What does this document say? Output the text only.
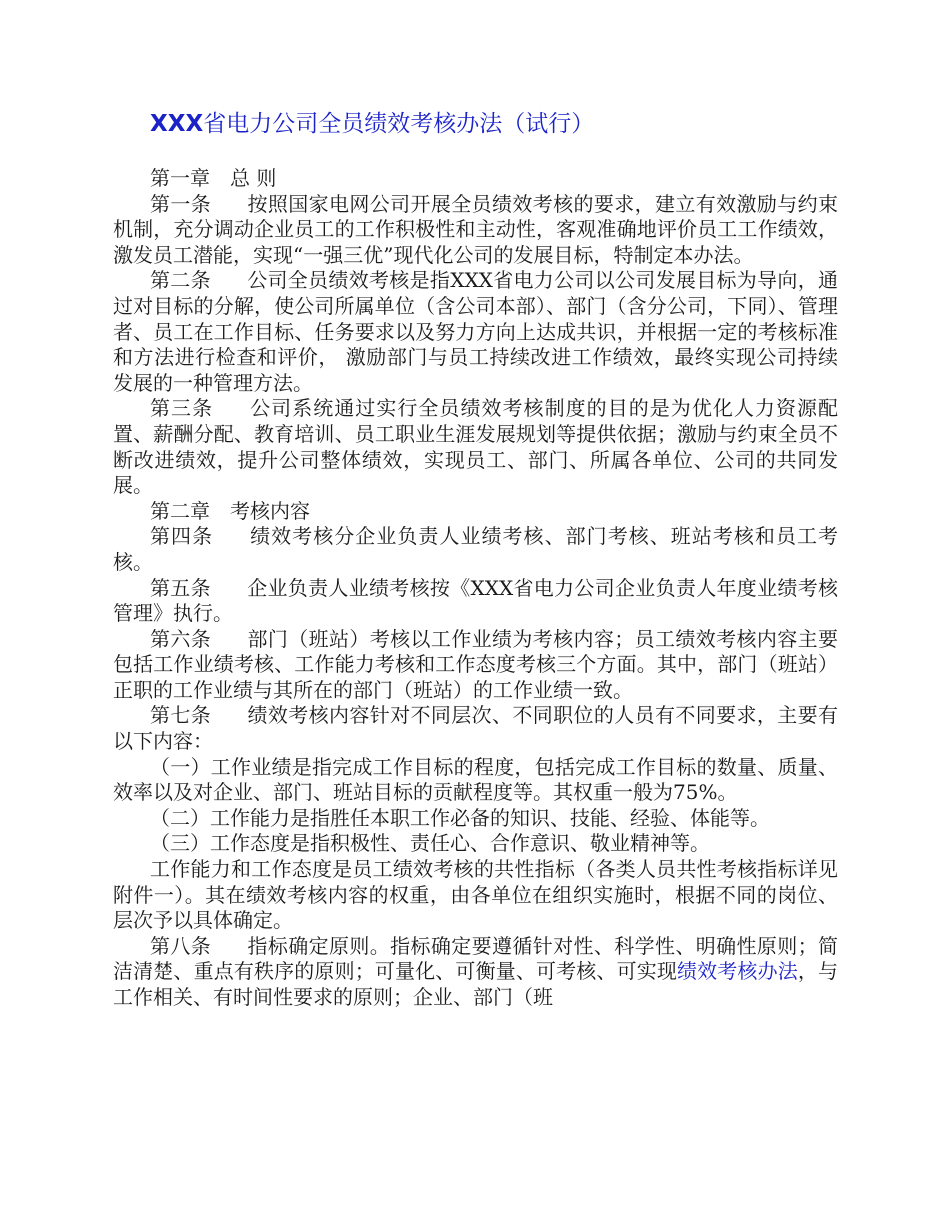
XXX省电力公司全员绩效考核办法（试行）

第一章 总 则

第一条 按照国家电网公司开展全员绩效考核的要求，建立有效激励与约束机制，充分调动企业员工的工作积极性和主动性，客观准确地评价员工工作绩效，激发员工潜能，实现“一强三优”现代化公司的发展目标，特制定本办法。

第二条 公司全员绩效考核是指XXX省电力公司以公司发展目标为导向，通过对目标的分解，使公司所属单位（含公司本部）、部门（含分公司，下同）、管理者、员工在工作目标、任务要求以及努力方向上达成共识，并根据一定的考核标准和方法进行检查和评价， 激励部门与员工持续改进工作绩效，最终实现公司持续发展的一种管理方法。

第三条 公司系统通过实行全员绩效考核制度的目的是为优化人力资源配置、薪酬分配、教育培训、员工职业生涯发展规划等提供依据；激励与约束全员不断改进绩效，提升公司整体绩效，实现员工、部门、所属各单位、公司的共同发展。

第二章 考核内容

第四条 绩效考核分企业负责人业绩考核、部门考核、班站考核和员工考核。

第五条 企业负责人业绩考核按《XXX省电力公司企业负责人年度业绩考核管理》执行。

第六条 部门（班站）考核以工作业绩为考核内容；员工绩效考核内容主要包括工作业绩考核、工作能力考核和工作态度考核三个方面。其中，部门（班站）正职的工作业绩与其所在的部门（班站）的工作业绩一致。

第七条 绩效考核内容针对不同层次、不同职位的人员有不同要求，主要有以下内容：

（一）工作业绩是指完成工作目标的程度，包括完成工作目标的数量、质量、效率以及对企业、部门、班站目标的贡献程度等。其权重一般为75%。

（二）工作能力是指胜任本职工作必备的知识、技能、经验、体能等。

（三）工作态度是指积极性、责任心、合作意识、敬业精神等。

工作能力和工作态度是员工绩效考核的共性指标（各类人员共性考核指标详见附件一）。其在绩效考核内容的权重，由各单位在组织实施时，根据不同的岗位、层次予以具体确定。

第八条 指标确定原则。指标确定要遵循针对性、科学性、明确性原则；简洁清楚、重点有秩序的原则；可量化、可衡量、可考核、可实现绩效考核办法，与工作相关、有时间性要求的原则；企业、部门（班
